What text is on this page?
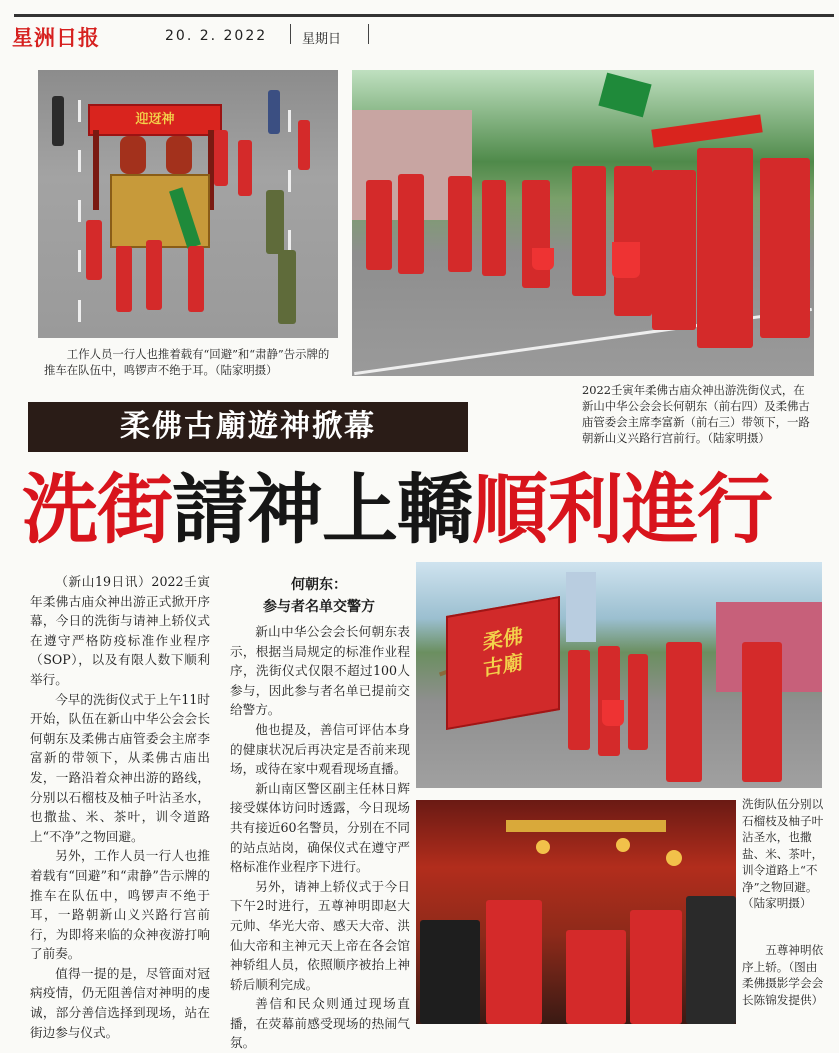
星洲日报	20. 2. 2022	星期日
迎迓神
工作人员一行人也推着载有“回避”和“肃静”告示牌的推车在队伍中，鸣锣声不绝于耳。（陆家明摄）
2022壬寅年柔佛古庙众神出游洗街仪式，在新山中华公会会长何朝东（前右四）及柔佛古庙管委会主席李富新（前右三）带领下，一路朝新山义兴路行宫前行。（陆家明摄）
柔佛古廟遊神掀幕
洗街請神上轎順利進行

（新山19日讯）2022壬寅年柔佛古庙众神出游正式掀开序幕，今日的洗街与请神上轿仪式在遵守严格防疫标准作业程序（SOP），以及有限人数下顺利举行。

今早的洗街仪式于上午11时开始，队伍在新山中华公会会长何朝东及柔佛古庙管委会主席李富新的带领下，从柔佛古庙出发，一路沿着众神出游的路线，分别以石榴枝及柚子叶沾圣水，也撒盐、米、茶叶，训令道路上“不净”之物回避。

另外，工作人员一行人也推着载有“回避”和“肃静”告示牌的推车在队伍中，鸣锣声不绝于耳，一路朝新山义兴路行宫前行，为即将来临的众神夜游打响了前奏。

值得一提的是，尽管面对冠病疫情，仍无阻善信对神明的虔诚，部分善信选择到现场，站在街边参与仪式。

何朝东：
参与者名单交警方

新山中华公会会长何朝东表示，根据当局规定的标准作业程序，洗街仪式仅限不超过100人参与，因此参与者名单已提前交给警方。

他也提及，善信可评估本身的健康状况后再决定是否前来现场，或待在家中观看现场直播。

新山南区警区副主任林日辉接受媒体访问时透露，今日现场共有接近60名警员，分别在不同的站点站岗，确保仪式在遵守严格标准作业程序下进行。

另外，请神上轿仪式于今日下午2时进行，五尊神明即赵大元帅、华光大帝、感天大帝、洪仙大帝和主神元天上帝在各会馆神轿组人员，依照顺序被抬上神轿后顺利完成。

善信和民众则通过现场直播，在荧幕前感受现场的热闹气氛。

柔佛古廟
洗街队伍分别以石榴枝及柚子叶沾圣水，也撒盐、米、茶叶，训令道路上“不净”之物回避。（陆家明摄）
五尊神明依序上轿。（图由柔佛摄影学会会长陈锦发提供）
